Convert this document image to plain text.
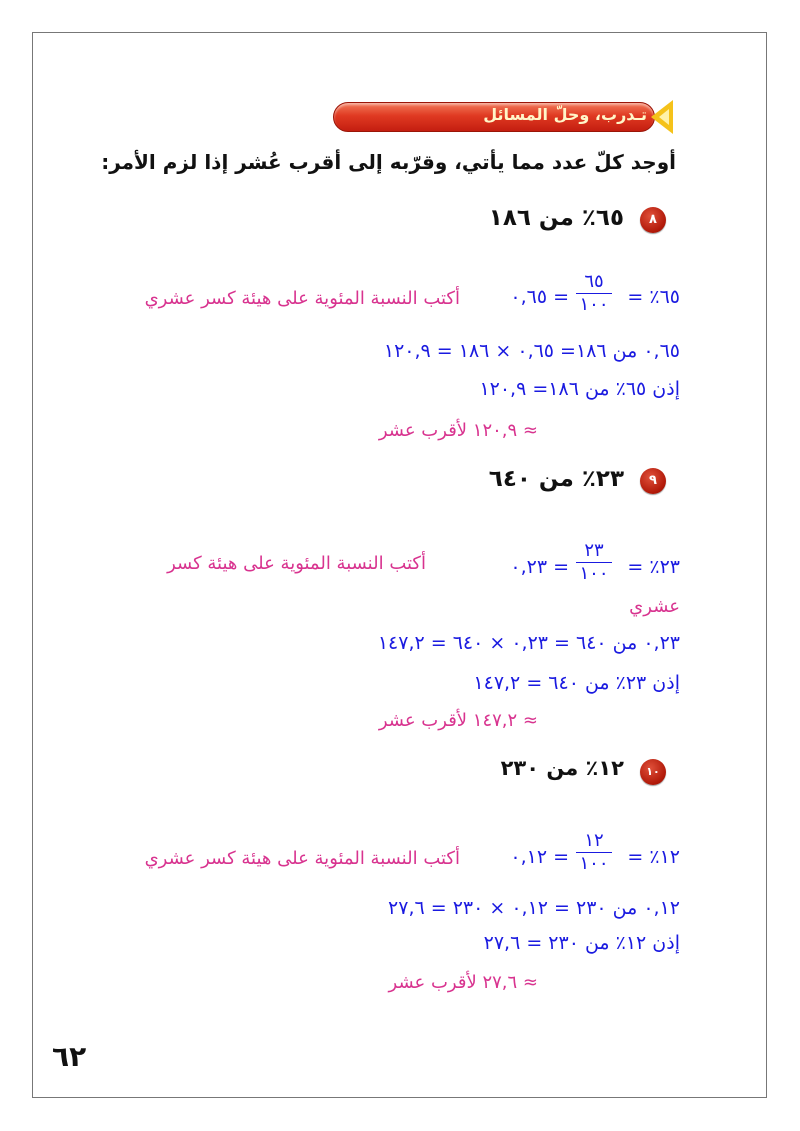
تـدرب، وحلّ المسائل
أوجد كلّ عدد مما يأتي، وقرّبه إلى أقرب عُشر إذا لزم الأمر:
٨
٦٥٪ من ١٨٦
٦٥٪ =
٦٥
١٠٠
= ٠,٦٥
أكتب النسبة المئوية على هيئة كسر عشري
٠,٦٥ من ١٨٦= ٠,٦٥ × ١٨٦ = ١٢٠,٩
إذن ٦٥٪ من ١٨٦= ١٢٠,٩
≈ ١٢٠,٩ لأقرب عشر
٩
٢٣٪ من ٦٤٠
٢٣٪ =
٢٣
١٠٠
= ٠,٢٣
أكتب النسبة المئوية على هيئة كسر
عشري
٠,٢٣ من ٦٤٠ = ٠,٢٣ × ٦٤٠ = ١٤٧,٢
إذن ٢٣٪ من ٦٤٠ = ١٤٧,٢
≈ ١٤٧,٢ لأقرب عشر
١٠
١٢٪ من ٢٣٠
١٢٪ =
١٢
١٠٠
= ٠,١٢
أكتب النسبة المئوية على هيئة كسر عشري
٠,١٢ من ٢٣٠ = ٠,١٢ × ٢٣٠ = ٢٧,٦
إذن ١٢٪ من ٢٣٠ = ٢٧,٦
≈ ٢٧,٦ لأقرب عشر
٦٢
